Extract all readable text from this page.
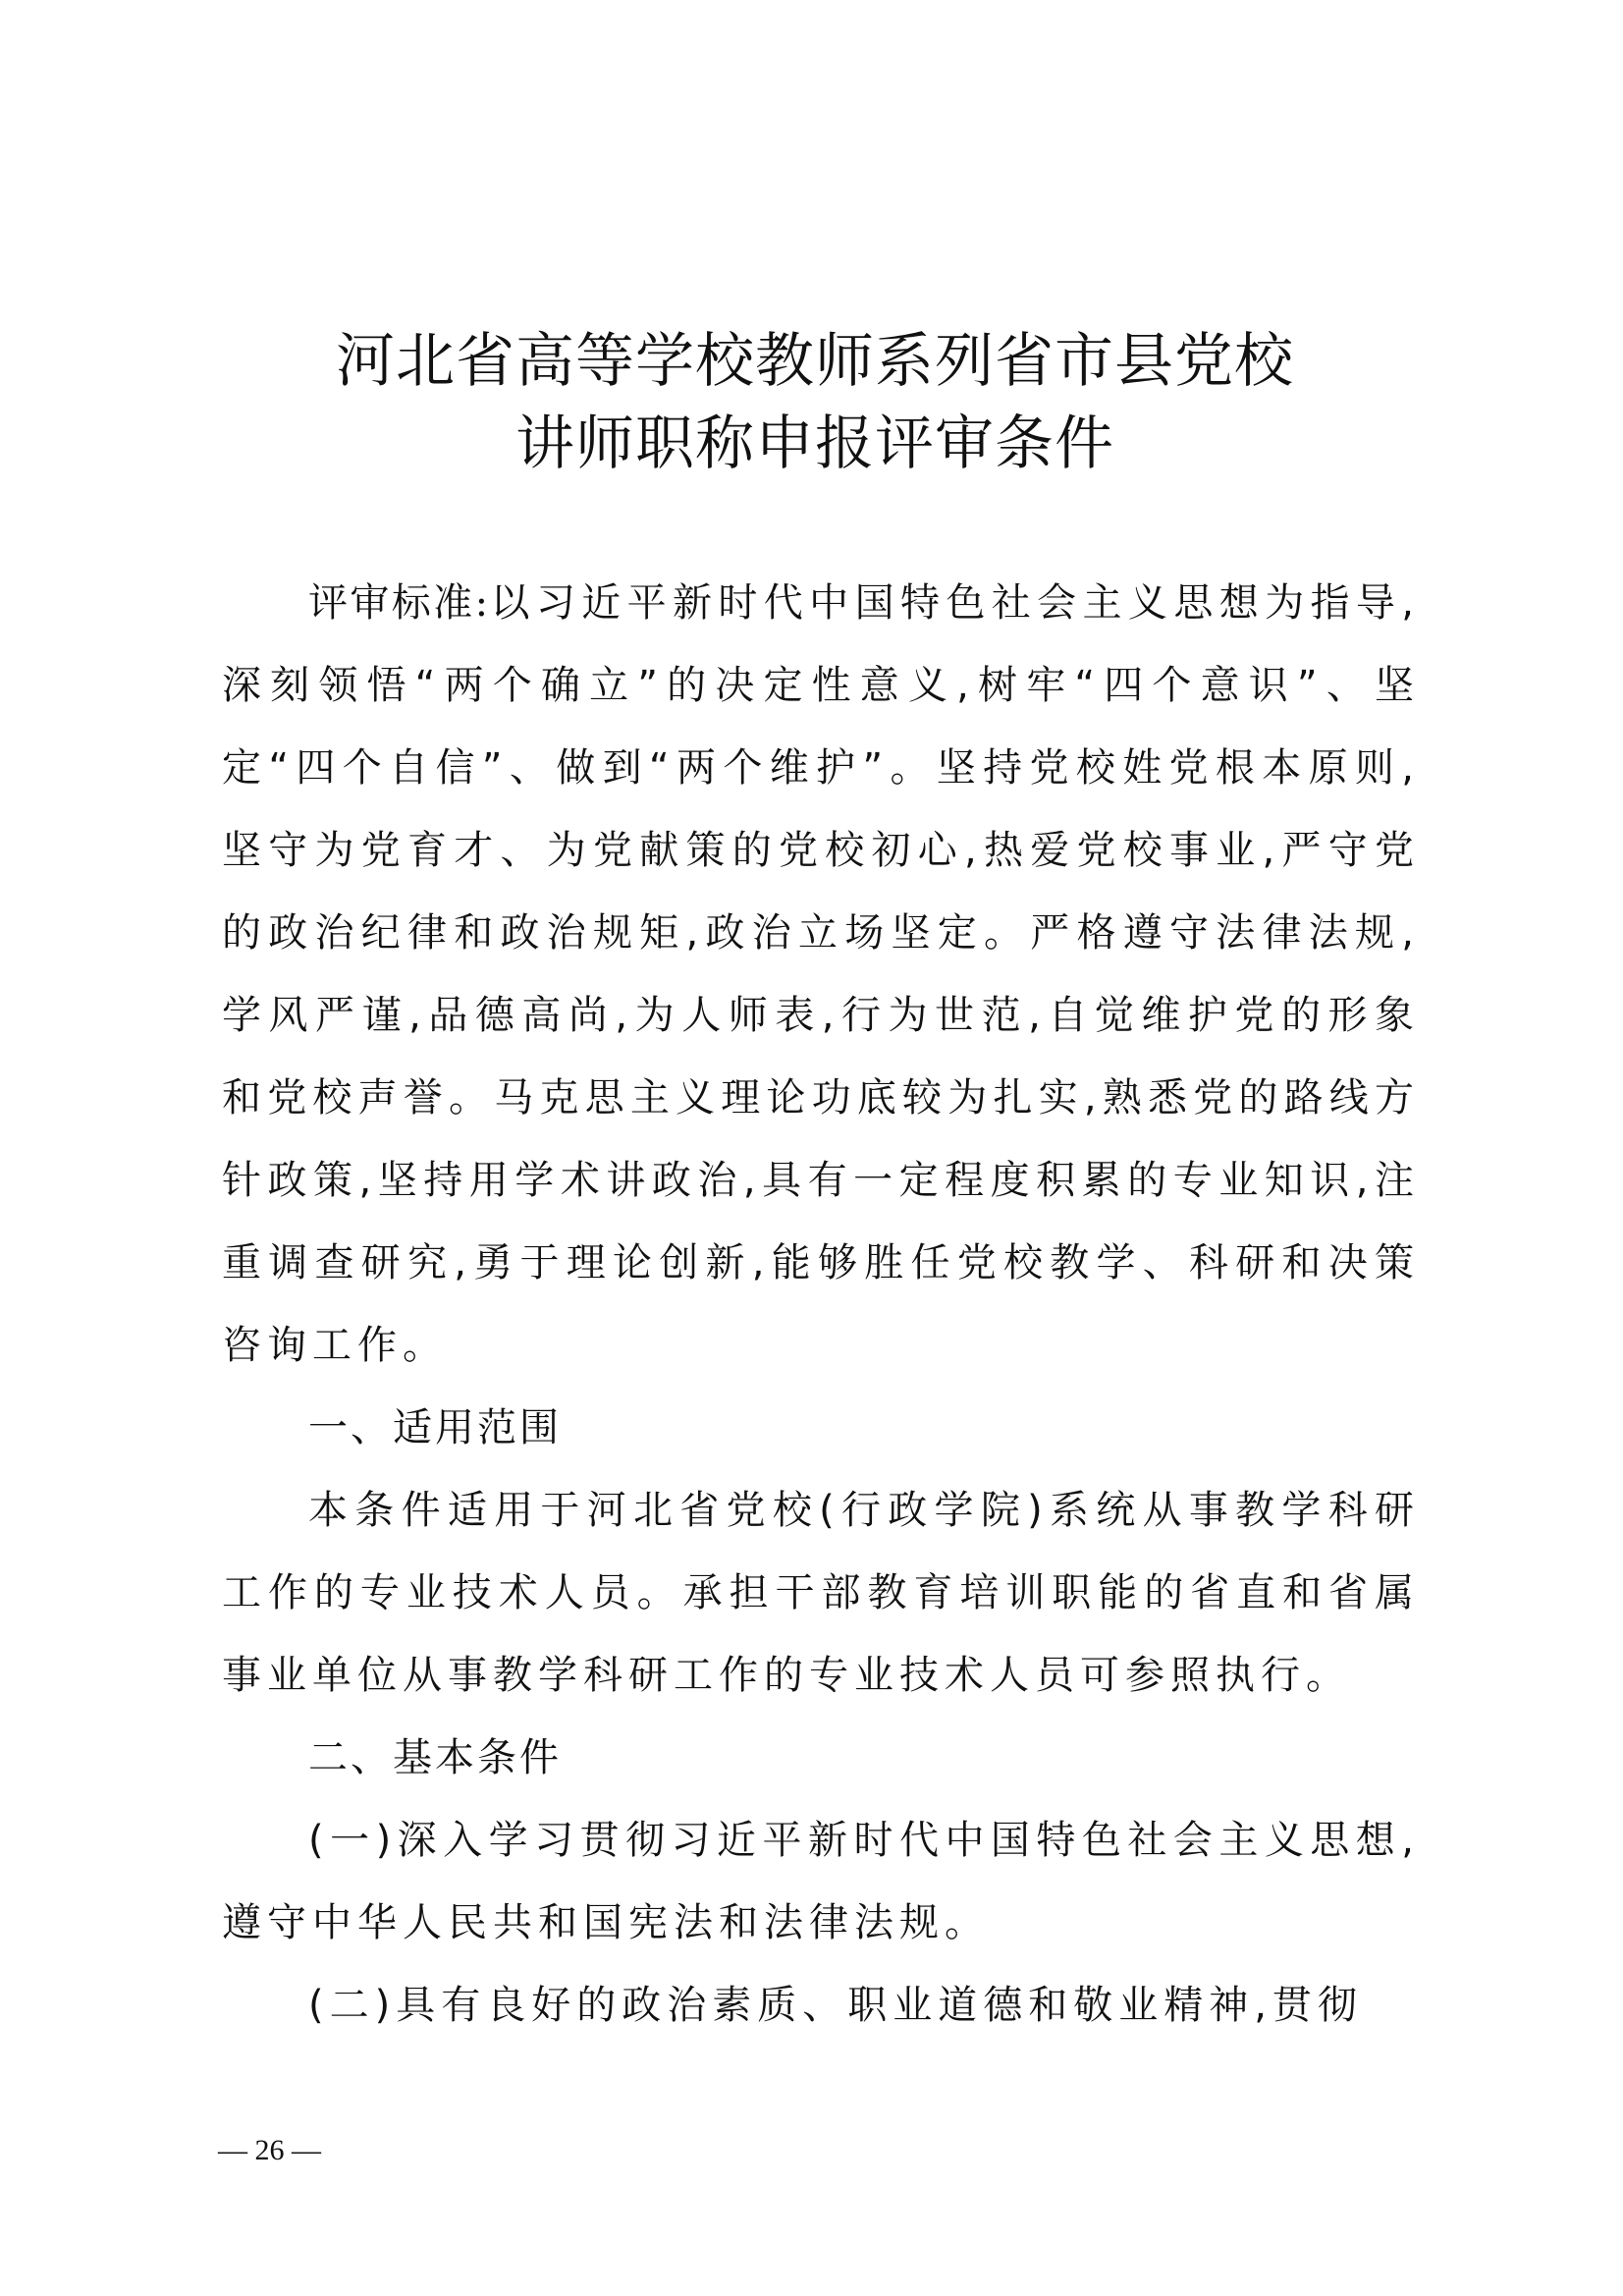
河北省高等学校教师系列省市县党校
讲师职称申报评审条件

评审标准:以习近平新时代中国特色社会主义思想为指导,深刻领悟“两个确立”的决定性意义,树牢“四个意识”、坚定“四个自信”、做到“两个维护”。坚持党校姓党根本原则,坚守为党育才、为党献策的党校初心,热爱党校事业,严守党的政治纪律和政治规矩,政治立场坚定。严格遵守法律法规,学风严谨,品德高尚,为人师表,行为世范,自觉维护党的形象和党校声誉。马克思主义理论功底较为扎实,熟悉党的路线方针政策,坚持用学术讲政治,具有一定程度积累的专业知识,注重调查研究,勇于理论创新,能够胜任党校教学、科研和决策咨询工作。

一、适用范围

本条件适用于河北省党校(行政学院)系统从事教学科研工作的专业技术人员。承担干部教育培训职能的省直和省属事业单位从事教学科研工作的专业技术人员可参照执行。

二、基本条件

(一)深入学习贯彻习近平新时代中国特色社会主义思想,遵守中华人民共和国宪法和法律法规。

(二)具有良好的政治素质、职业道德和敬业精神,贯彻

— 26 —
